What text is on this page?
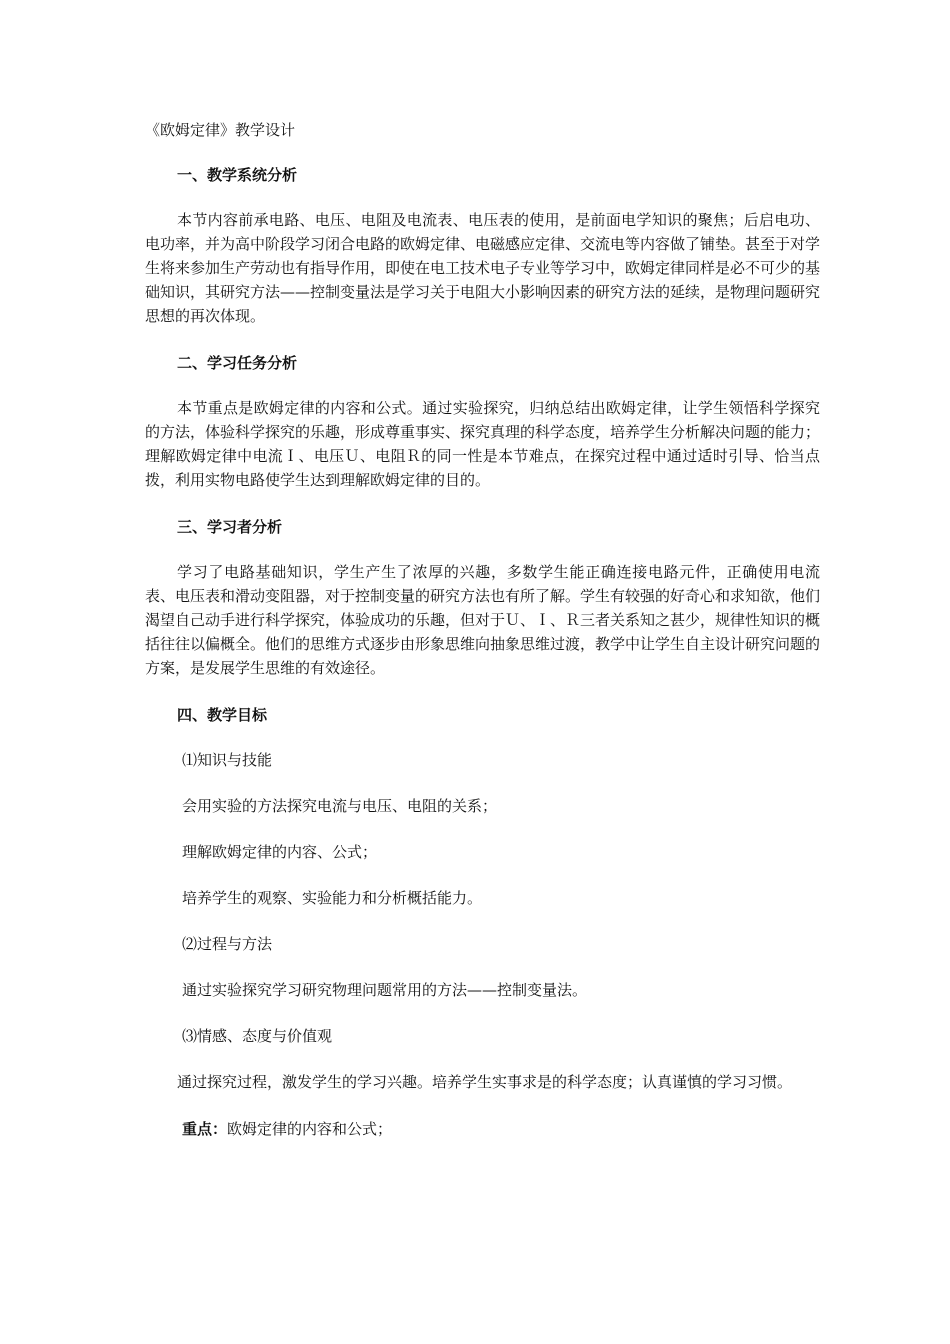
《欧姆定律》教学设计
一、教学系统分析

本节内容前承电路、电压、电阻及电流表、电压表的使用，是前面电学知识的聚焦；后启电功、电功率，并为高中阶段学习闭合电路的欧姆定律、电磁感应定律、交流电等内容做了铺垫。甚至于对学生将来参加生产劳动也有指导作用，即使在电工技术电子专业等学习中，欧姆定律同样是必不可少的基础知识，其研究方法——控制变量法是学习关于电阻大小影响因素的研究方法的延续，是物理问题研究思想的再次体现。

二、学习任务分析

本节重点是欧姆定律的内容和公式。通过实验探究，归纳总结出欧姆定律，让学生领悟科学探究的方法，体验科学探究的乐趣，形成尊重事实、探究真理的科学态度，培养学生分析解决问题的能力；理解欧姆定律中电流Ｉ、电压Ｕ、电阻Ｒ的同一性是本节难点，在探究过程中通过适时引导、恰当点拨，利用实物电路使学生达到理解欧姆定律的目的。

三、学习者分析

学习了电路基础知识，学生产生了浓厚的兴趣，多数学生能正确连接电路元件，正确使用电流表、电压表和滑动变阻器，对于控制变量的研究方法也有所了解。学生有较强的好奇心和求知欲，他们渴望自己动手进行科学探究，体验成功的乐趣，但对于Ｕ、Ｉ、Ｒ三者关系知之甚少，规律性知识的概括往往以偏概全。他们的思维方式逐步由形象思维向抽象思维过渡，教学中让学生自主设计研究问题的方案，是发展学生思维的有效途径。

四、教学目标
⑴知识与技能
会用实验的方法探究电流与电压、电阻的关系；
理解欧姆定律的内容、公式；
培养学生的观察、实验能力和分析概括能力。
⑵过程与方法
通过实验探究学习研究物理问题常用的方法——控制变量法。
⑶情感、态度与价值观

通过探究过程，激发学生的学习兴趣。培养学生实事求是的科学态度；认真谨慎的学习习惯。

重点：欧姆定律的内容和公式；
